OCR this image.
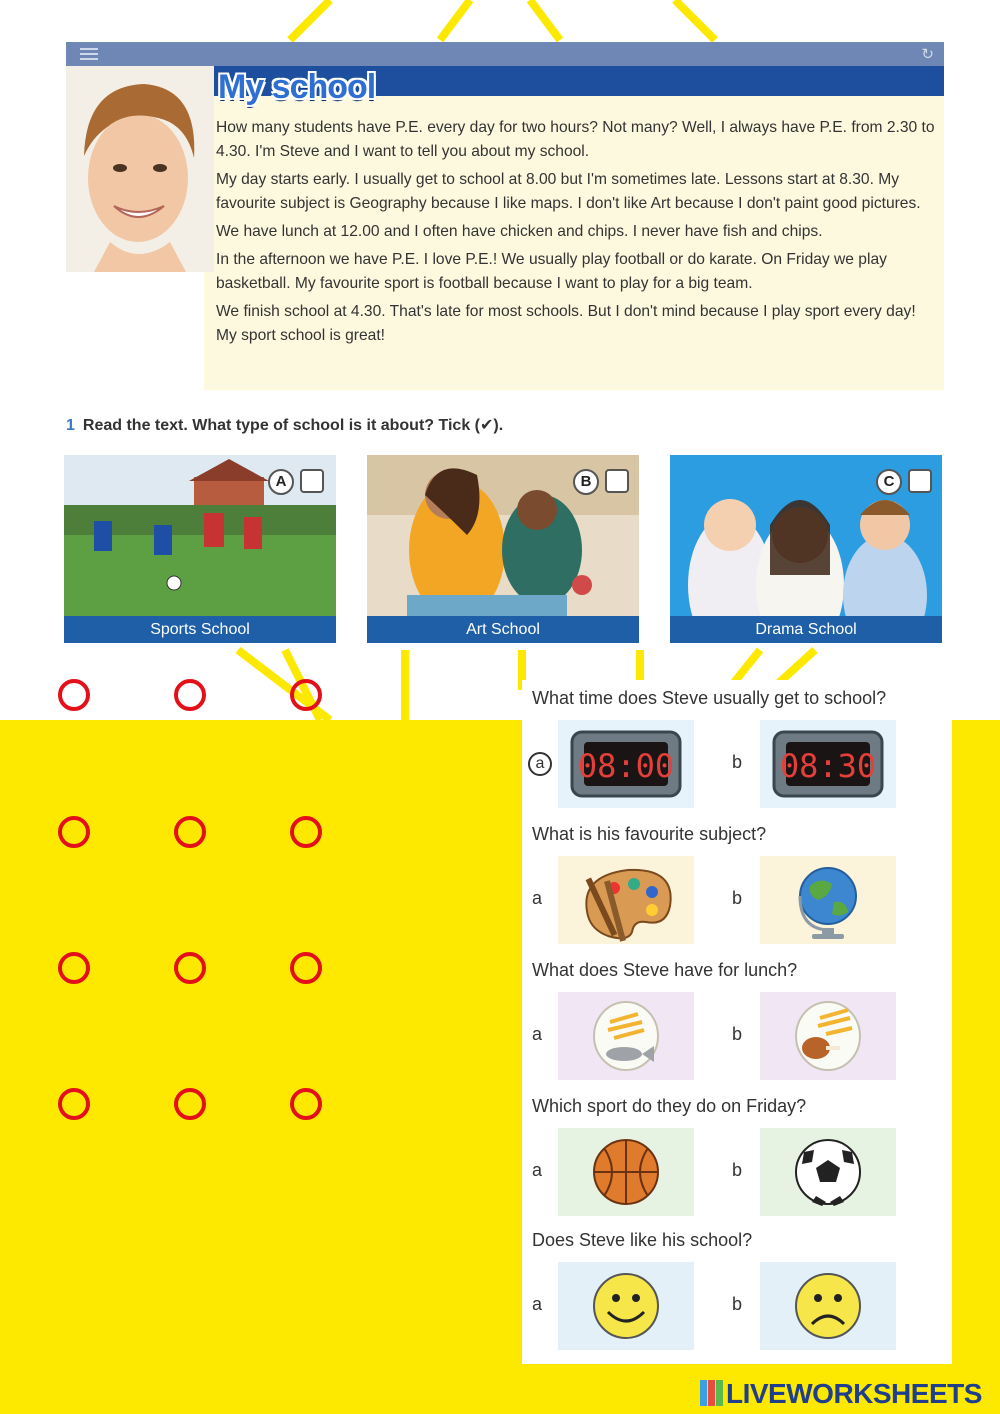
↻
My school

How many students have P.E. every day for two hours? Not many? Well, I always have P.E. from 2.30 to 4.30. I'm Steve and I want to tell you about my school.

My day starts early. I usually get to school at 8.00 but I'm sometimes late. Lessons start at 8.30. My favourite subject is Geography because I like maps. I don't like Art because I don't paint good pictures.

We have lunch at 12.00 and I often have chicken and chips. I never have fish and chips.

In the afternoon we have P.E. I love P.E.! We usually play football or do karate. On Friday we play basketball. My favourite sport is football because I want to play for a big team.

We finish school at 4.30. That's late for most schools. But I don't mind because I play sport every day! My sport school is great!

1 Read the text. What type of school is it about? Tick (✔).
A
Sports School
B
Art School
C
Drama School
What time does Steve usually get to school?
a 08:00	b 08:30
What is his favourite subject?
a	b
What does Steve have for lunch?
a	b
Which sport do they do on Friday?
a	b
Does Steve like his school?
a	b
LIVEWORKSHEETS
